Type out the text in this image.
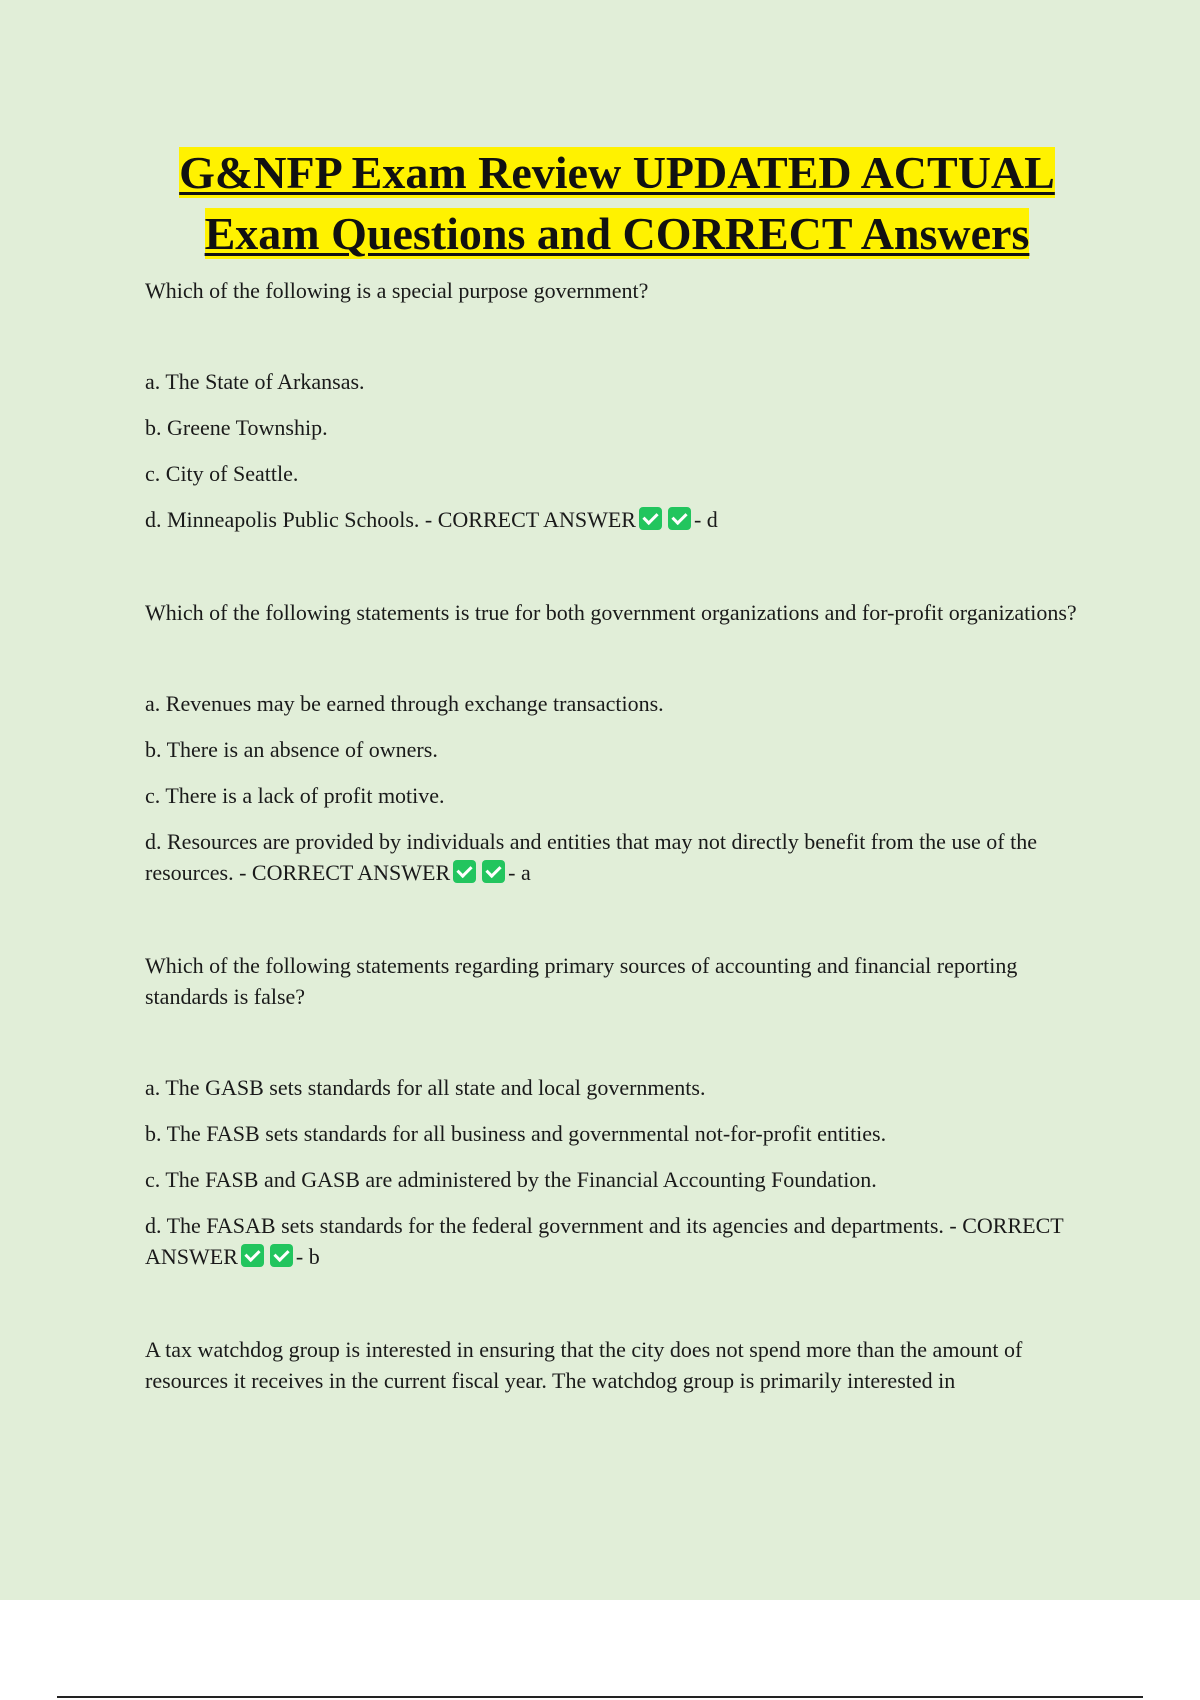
G&NFP Exam Review UPDATED ACTUAL
Exam Questions and CORRECT Answers

Which of the following is a special purpose government?

a. The State of Arkansas.

b. Greene Township.

c. City of Seattle.

d. Minneapolis Public Schools. - CORRECT ANSWER	- d

Which of the following statements is true for both government organizations and for-profit organizations?

a. Revenues may be earned through exchange transactions.

b. There is an absence of owners.

c. There is a lack of profit motive.

d. Resources are provided by individuals and entities that may not directly benefit from the use of the resources. - CORRECT ANSWER	- a

Which of the following statements regarding primary sources of accounting and financial reporting standards is false?

a. The GASB sets standards for all state and local governments.

b. The FASB sets standards for all business and governmental not-for-profit entities.

c. The FASB and GASB are administered by the Financial Accounting Foundation.

d. The FASAB sets standards for the federal government and its agencies and departments. - CORRECT ANSWER	- b

A tax watchdog group is interested in ensuring that the city does not spend more than the amount of resources it receives in the current fiscal year. The watchdog group is primarily interested in
